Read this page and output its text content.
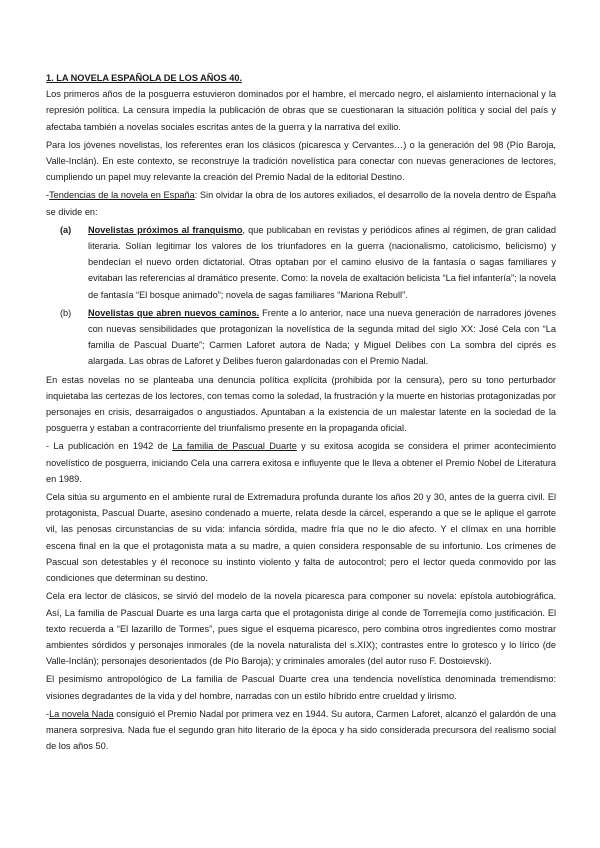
1. LA NOVELA ESPAÑOLA DE LOS AÑOS 40.

Los primeros años de la posguerra estuvieron dominados por el hambre, el mercado negro, el aislamiento internacional y la represión política. La censura impedía la publicación de obras que se cuestionaran la situación política y social del país y afectaba también a novelas sociales escritas antes de la guerra y la narrativa del exilio.

Para los jóvenes novelistas, los referentes eran los clásicos (picaresca y Cervantes…) o la generación del 98 (Pío Baroja, Valle-Inclán). En este contexto, se reconstruye la tradición novelística para conectar con nuevas generaciones de lectores, cumpliendo un papel muy relevante la creación del Premio Nadal de la editorial Destino.

-Tendencias de la novela en España: Sin olvidar la obra de los autores exiliados, el desarrollo de la novela dentro de España se divide en:

(a)	Novelistas próximos al franquismo, que publicaban en revistas y periódicos afines al régimen, de gran calidad literaria. Solían legitimar los valores de los triunfadores en la guerra (nacionalismo, catolicismo, belicismo) y bendecían el nuevo orden dictatorial. Otras optaban por el camino elusivo de la fantasía o sagas familiares y evitaban las referencias al dramático presente. Como: la novela de exaltación belicista “La fiel infantería”; la novela de fantasía “El bosque animado”; novela de sagas familiares “Mariona Rebull”.
(b)	Novelistas que abren nuevos caminos. Frente a lo anterior, nace una nueva generación de narradores jóvenes con nuevas sensibilidades que protagonizan la novelística de la segunda mitad del siglo XX: José Cela con “La familia de Pascual Duarte”; Carmen Laforet autora de Nada; y Miguel Delibes con La sombra del ciprés es alargada. Las obras de Laforet y Delibes fueron galardonadas con el Premio Nadal.

En estas novelas no se planteaba una denuncia política explícita (prohibida por la censura), pero su tono perturbador inquietaba las certezas de los lectores, con temas como la soledad, la frustración y la muerte en historias protagonizadas por personajes en crisis, desarraigados o angustiados. Apuntaban a la existencia de un malestar latente en la sociedad de la posguerra y estaban a contracorriente del triunfalismo presente en la propaganda oficial.

- La publicación en 1942 de La familia de Pascual Duarte y su exitosa acogida se considera el primer acontecimiento novelístico de posguerra, iniciando Cela una carrera exitosa e influyente que le lleva a obtener el Premio Nobel de Literatura en 1989.

Cela sitúa su argumento en el ambiente rural de Extremadura profunda durante los años 20 y 30, antes de la guerra civil. El protagonista, Pascual Duarte, asesino condenado a muerte, relata desde la cárcel, esperando a que se le aplique el garrote vil, las penosas circunstancias de su vida: infancia sórdida, madre fría que no le dio afecto. Y el clímax en una horrible escena final en la que el protagonista mata a su madre, a quien considera responsable de su infortunio. Los crímenes de Pascual son detestables y él reconoce su instinto violento y falta de autocontrol; pero el lector queda conmovido por las condiciones que determinan su destino.

Cela era lector de clásicos, se sirvió del modelo de la novela picaresca para componer su novela: epístola autobiográfica. Así, La familia de Pascual Duarte es una larga carta que el protagonista dirige al conde de Torremejía como justificación. El texto recuerda a “El lazarillo de Tormes”, pues sigue el esquema picaresco, pero combina otros ingredientes como mostrar ambientes sórdidos y personajes inmorales (de la novela naturalista del s.XIX); contrastes entre lo grotesco y lo lírico (de Valle-Inclán); personajes desorientados (de Pío Baroja); y criminales amorales (del autor ruso F. Dostoievski).

El pesimismo antropológico de La familia de Pascual Duarte crea una tendencia novelística denominada tremendismo: visiones degradantes de la vida y del hombre, narradas con un estilo híbrido entre crueldad y lirismo.

-La novela Nada consiguió el Premio Nadal por primera vez en 1944. Su autora, Carmen Laforet, alcanzó el galardón de una manera sorpresiva. Nada fue el segundo gran hito literario de la época y ha sido considerada precursora del realismo social de los años 50.
